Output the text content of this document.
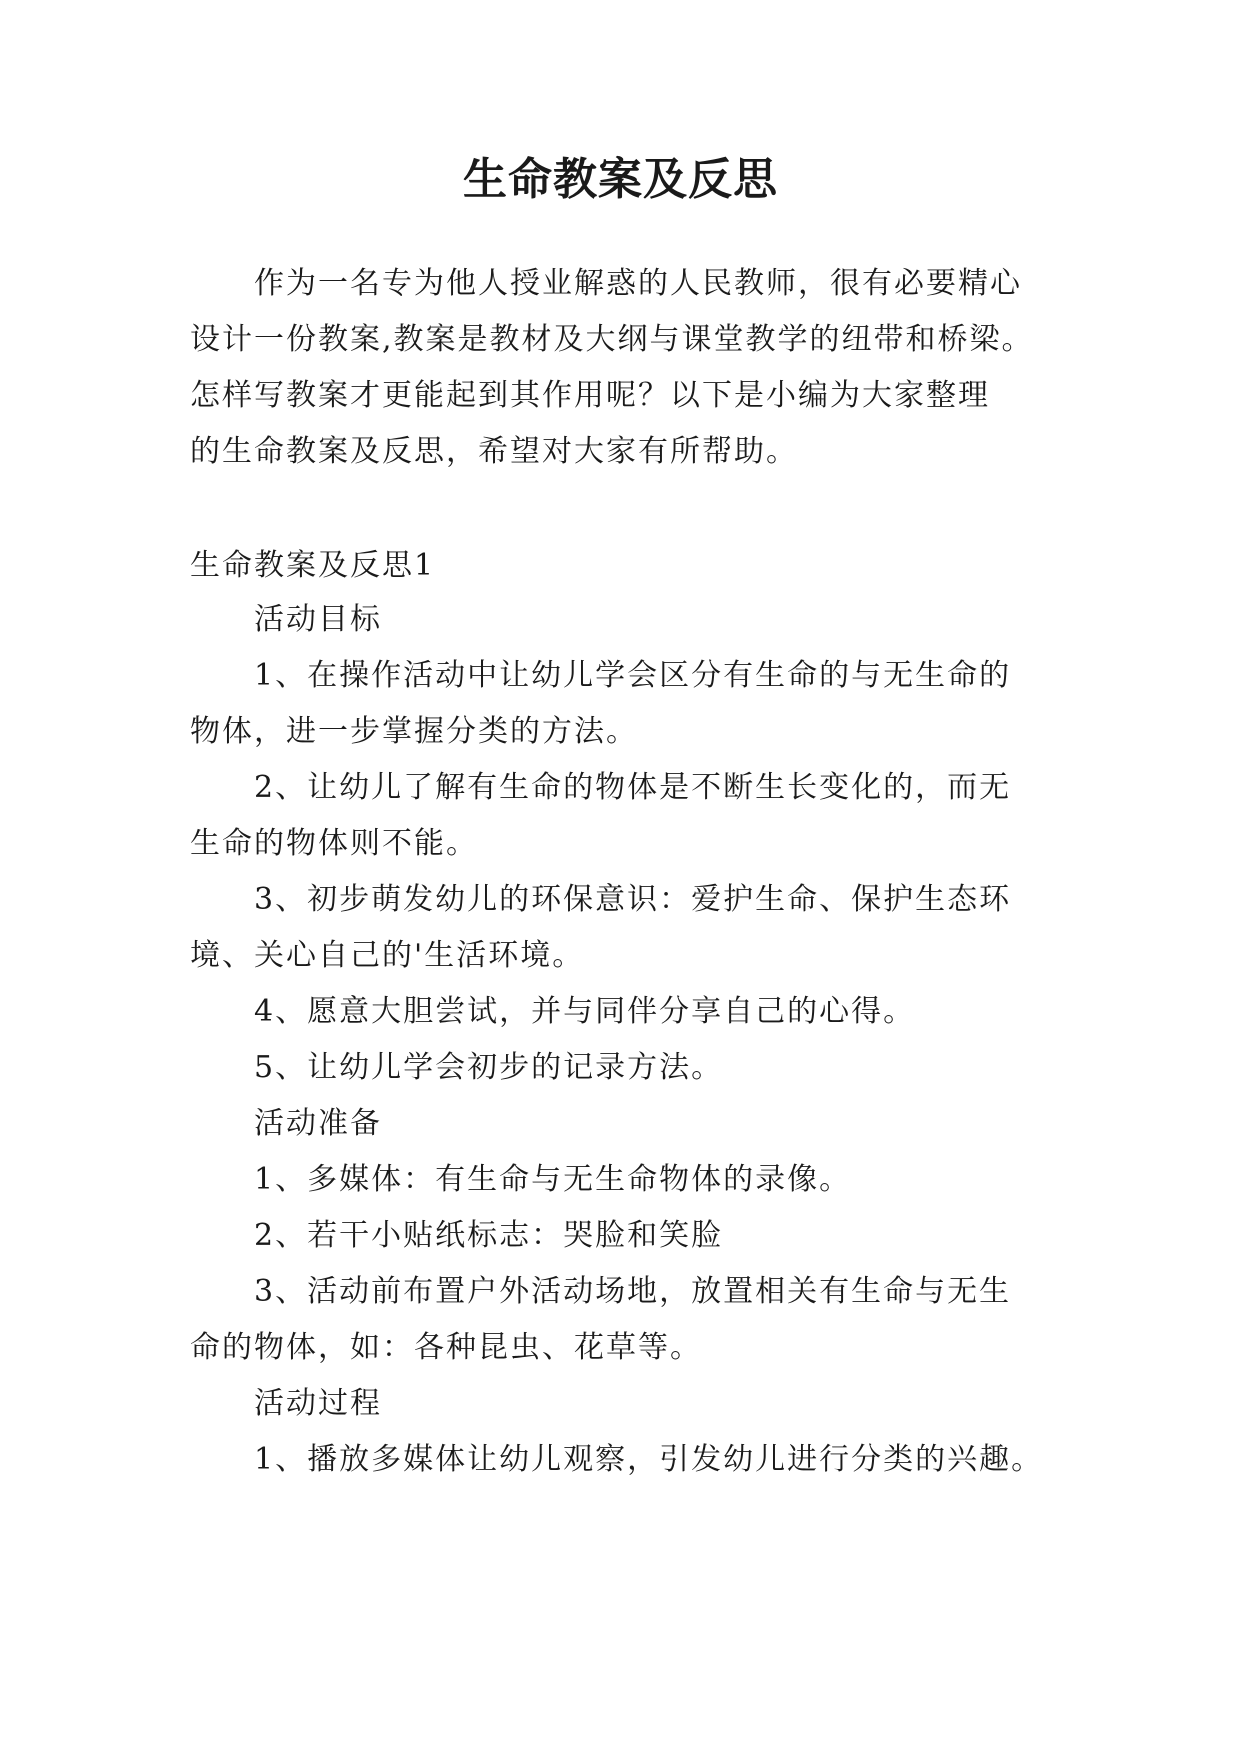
生命教案及反思
作为一名专为他人授业解惑的人民教师，很有必要精心
设计一份教案,教案是教材及大纲与课堂教学的纽带和桥梁。
怎样写教案才更能起到其作用呢？以下是小编为大家整理
的生命教案及反思，希望对大家有所帮助。
生命教案及反思1
活动目标
1、在操作活动中让幼儿学会区分有生命的与无生命的
物体，进一步掌握分类的方法。
2、让幼儿了解有生命的物体是不断生长变化的，而无
生命的物体则不能。
3、初步萌发幼儿的环保意识：爱护生命、保护生态环
境、关心自己的'生活环境。
4、愿意大胆尝试，并与同伴分享自己的心得。
5、让幼儿学会初步的记录方法。
活动准备
1、多媒体：有生命与无生命物体的录像。
2、若干小贴纸标志：哭脸和笑脸
3、活动前布置户外活动场地，放置相关有生命与无生
命的物体，如：各种昆虫、花草等。
活动过程
1、播放多媒体让幼儿观察，引发幼儿进行分类的兴趣。
